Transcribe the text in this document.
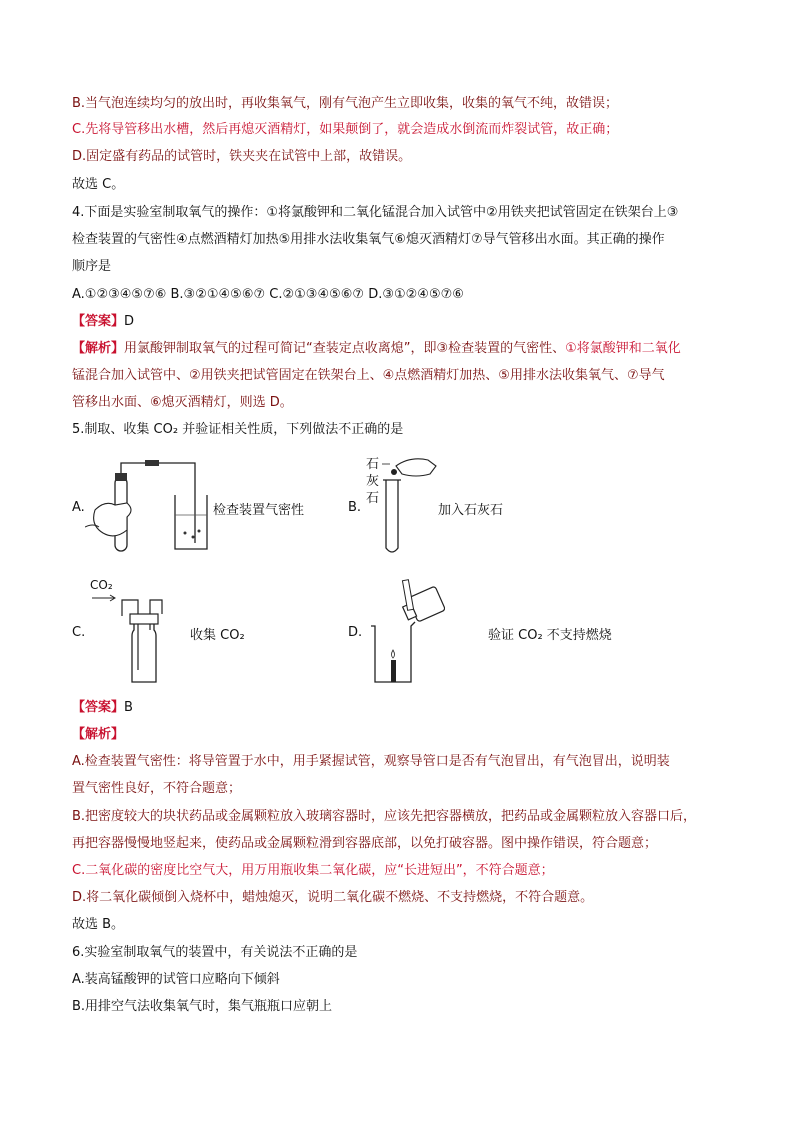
B.当气泡连续均匀的放出时，再收集氧气，刚有气泡产生立即收集，收集的氧气不纯，故错误；
C.先将导管移出水槽，然后再熄灭酒精灯，如果颠倒了，就会造成水倒流而炸裂试管，故正确；
D.固定盛有药品的试管时，铁夹夹在试管中上部，故错误。
故选 C。
4.下面是实验室制取氧气的操作：①将氯酸钾和二氧化锰混合加入试管中②用铁夹把试管固定在铁架台上③
检查装置的气密性④点燃酒精灯加热⑤用排水法收集氧气⑥熄灭酒精灯⑦导气管移出水面。其正确的操作
顺序是
A.①②③④⑤⑦⑥ B.③②①④⑤⑥⑦ C.②①③④⑤⑥⑦ D.③①②④⑤⑦⑥
【答案】D
【解析】用氯酸钾制取氧气的过程可简记“查装定点收离熄”，即③检查装置的气密性、①将氯酸钾和二氧化
锰混合加入试管中、②用铁夹把试管固定在铁架台上、④点燃酒精灯加热、⑤用排水法收集氧气、⑦导气
管移出水面、⑥熄灭酒精灯，则选 D。
5.制取、收集 CO₂ 并验证相关性质，下列做法不正确的是
A.	检查装置气密性	B.
石
灰
石
加入石灰石
CO₂
C.	收集 CO₂	D.	验证 CO₂ 不支持燃烧
【答案】B
【解析】
A.检查装置气密性：将导管置于水中，用手紧握试管，观察导管口是否有气泡冒出，有气泡冒出，说明装
置气密性良好，不符合题意；
B.把密度较大的块状药品或金属颗粒放入玻璃容器时，应该先把容器横放，把药品或金属颗粒放入容器口后，
再把容器慢慢地竖起来，使药品或金属颗粒滑到容器底部，以免打破容器。图中操作错误，符合题意；
C.二氧化碳的密度比空气大，用万用瓶收集二氧化碳，应“长进短出”，不符合题意；
D.将二氧化碳倾倒入烧杯中，蜡烛熄灭，说明二氧化碳不燃烧、不支持燃烧，不符合题意。
故选 B。
6.实验室制取氧气的装置中，有关说法不正确的是
A.装高锰酸钾的试管口应略向下倾斜
B.用排空气法收集氧气时，集气瓶瓶口应朝上
